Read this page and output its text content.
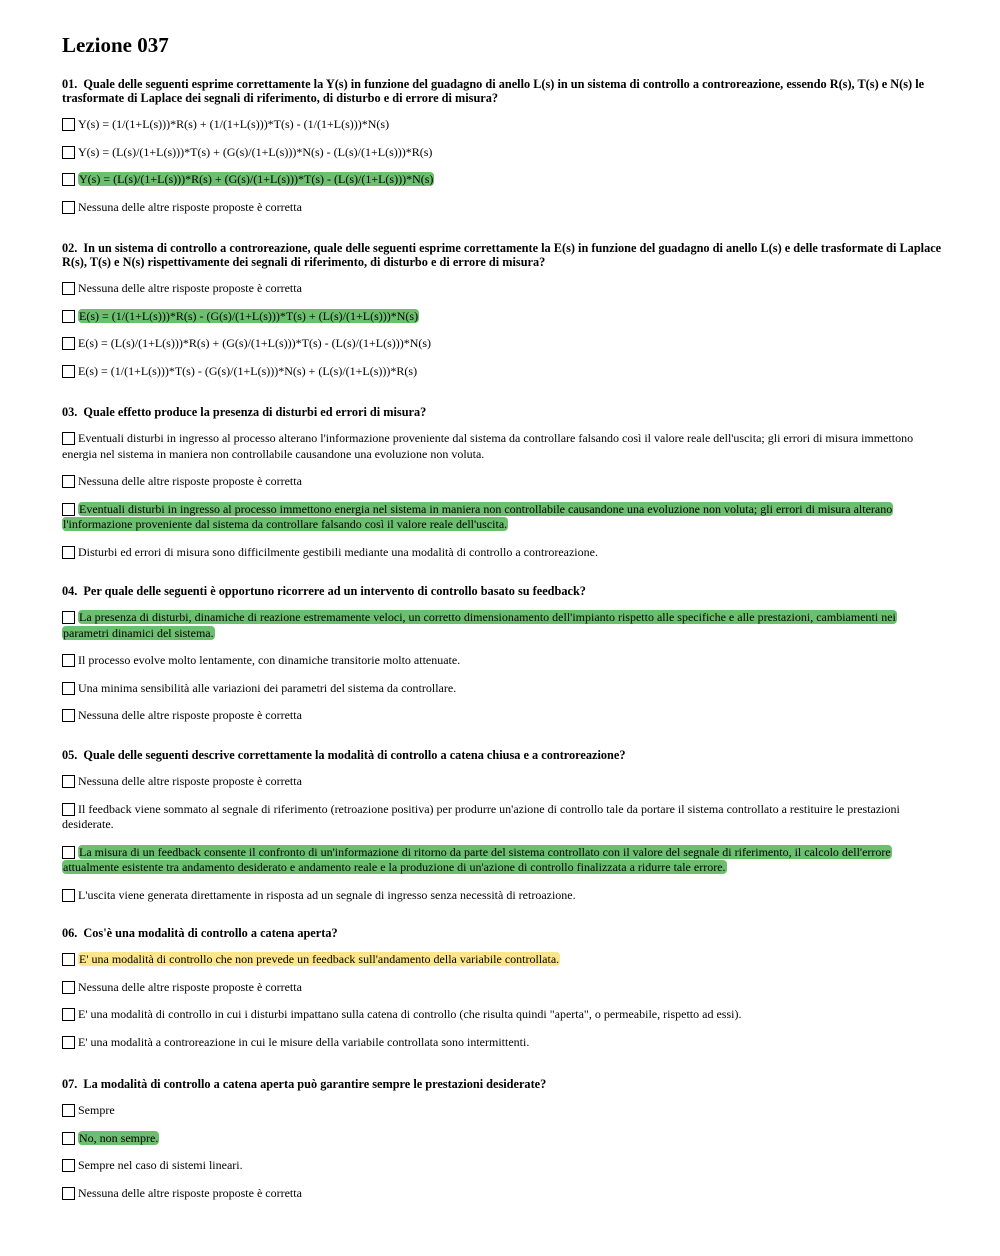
Lezione 037

01. Quale delle seguenti esprime correttamente la Y(s) in funzione del guadagno di anello L(s) in un sistema di controllo a controreazione, essendo R(s), T(s) e N(s) le trasformate di Laplace dei segnali di riferimento, di disturbo e di errore di misura?

Y(s) = (1/(1+L(s)))*R(s) + (1/(1+L(s)))*T(s) - (1/(1+L(s)))*N(s)
Y(s) = (L(s)/(1+L(s)))*T(s) + (G(s)/(1+L(s)))*N(s) - (L(s)/(1+L(s)))*R(s)
Y(s) = (L(s)/(1+L(s)))*R(s) + (G(s)/(1+L(s)))*T(s) - (L(s)/(1+L(s)))*N(s)
Nessuna delle altre risposte proposte è corretta

02. In un sistema di controllo a controreazione, quale delle seguenti esprime correttamente la E(s) in funzione del guadagno di anello L(s) e delle trasformate di Laplace R(s), T(s) e N(s) rispettivamente dei segnali di riferimento, di disturbo e di errore di misura?

Nessuna delle altre risposte proposte è corretta
E(s) = (1/(1+L(s)))*R(s) - (G(s)/(1+L(s)))*T(s) + (L(s)/(1+L(s)))*N(s)
E(s) = (L(s)/(1+L(s)))*R(s) + (G(s)/(1+L(s)))*T(s) - (L(s)/(1+L(s)))*N(s)
E(s) = (1/(1+L(s)))*T(s) - (G(s)/(1+L(s)))*N(s) + (L(s)/(1+L(s)))*R(s)

03. Quale effetto produce la presenza di disturbi ed errori di misura?

Eventuali disturbi in ingresso al processo alterano l'informazione proveniente dal sistema da controllare falsando così il valore reale dell'uscita; gli errori di misura immettono energia nel sistema in maniera non controllabile causandone una evoluzione non voluta.
Nessuna delle altre risposte proposte è corretta
Eventuali disturbi in ingresso al processo immettono energia nel sistema in maniera non controllabile causandone una evoluzione non voluta; gli errori di misura alterano l'informazione proveniente dal sistema da controllare falsando così il valore reale dell'uscita.
Disturbi ed errori di misura sono difficilmente gestibili mediante una modalità di controllo a controreazione.

04. Per quale delle seguenti è opportuno ricorrere ad un intervento di controllo basato su feedback?

La presenza di disturbi, dinamiche di reazione estremamente veloci, un corretto dimensionamento dell'impianto rispetto alle specifiche e alle prestazioni, cambiamenti nei parametri dinamici del sistema.
Il processo evolve molto lentamente, con dinamiche transitorie molto attenuate.
Una minima sensibilità alle variazioni dei parametri del sistema da controllare.
Nessuna delle altre risposte proposte è corretta

05. Quale delle seguenti descrive correttamente la modalità di controllo a catena chiusa e a controreazione?

Nessuna delle altre risposte proposte è corretta
Il feedback viene sommato al segnale di riferimento (retroazione positiva) per produrre un'azione di controllo tale da portare il sistema controllato a restituire le prestazioni desiderate.
La misura di un feedback consente il confronto di un'informazione di ritorno da parte del sistema controllato con il valore del segnale di riferimento, il calcolo dell'errore attualmente esistente tra andamento desiderato e andamento reale e la produzione di un'azione di controllo finalizzata a ridurre tale errore.
L'uscita viene generata direttamente in risposta ad un segnale di ingresso senza necessità di retroazione.

06. Cos'è una modalità di controllo a catena aperta?

E' una modalità di controllo che non prevede un feedback sull'andamento della variabile controllata.
Nessuna delle altre risposte proposte è corretta
E' una modalità di controllo in cui i disturbi impattano sulla catena di controllo (che risulta quindi "aperta", o permeabile, rispetto ad essi).
E' una modalità a controreazione in cui le misure della variabile controllata sono intermittenti.

07. La modalità di controllo a catena aperta può garantire sempre le prestazioni desiderate?

Sempre
No, non sempre.
Sempre nel caso di sistemi lineari.
Nessuna delle altre risposte proposte è corretta
